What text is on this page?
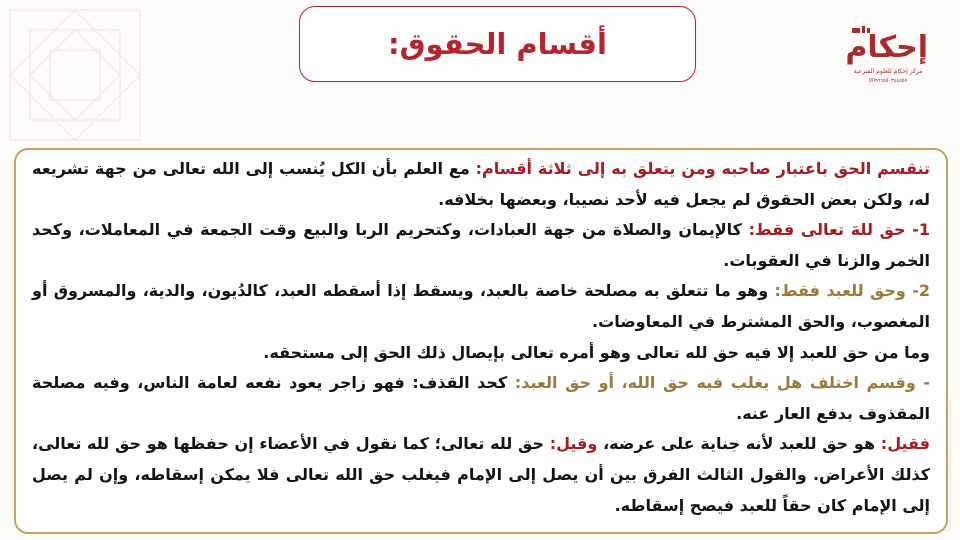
أقسام الحقوق:	إحكام
مركز إحكام للعلوم الشرعية
00٩٦٦٥٥٠٣٤٤٥٥٧

تنقسم الحق باعتبار صاحبه ومن يتعلق به إلى ثلاثة أقسام: مع العلم بأن الكل يُنسب إلى الله تعالى من جهة تشريعه له، ولكن بعض الحقوق لم يجعل فيه لأحد نصيبا، وبعضها بخلافه.

1- حق للهَ تعالى فقط: كالإيمان والصلاة من جهة العبادات، وكتحريم الربا والبيع وقت الجمعة في المعاملات، وكحد الخمر والزنا في العقوبات.

2- وحق للعبد فقط: وهو ما تتعلق به مصلحة خاصة بالعبد، ويسقط إذا أسقطه العبد، كالدُيون، والدية، والمسروق أو المغصوب، والحق المشترط في المعاوضات.

وما من حق للعبد إلا فيه حق لله تعالى وهو أمره تعالى بإيصال ذلك الحق إلى مستحقه.

- وقسم اختلف هل يغلب فيه حق الله، أو حق العبد: كحد القذف: فهو زاجر يعود نفعه لعامة الناس، وفيه مصلحة المقذوف بدفع العار عنه.

فقيل: هو حق للعبد لأنه جناية على عرضه، وقيل: حق لله تعالى؛ كما نقول في الأعضاء إن حفظها هو حق لله تعالى، كذلك الأعراض. والقول الثالث الفرق بين أن يصل إلى الإمام فيغلب حق الله تعالى فلا يمكن إسقاطه، وإن لم يصل إلى الإمام كان حقاً للعبد فيصح إسقاطه.
